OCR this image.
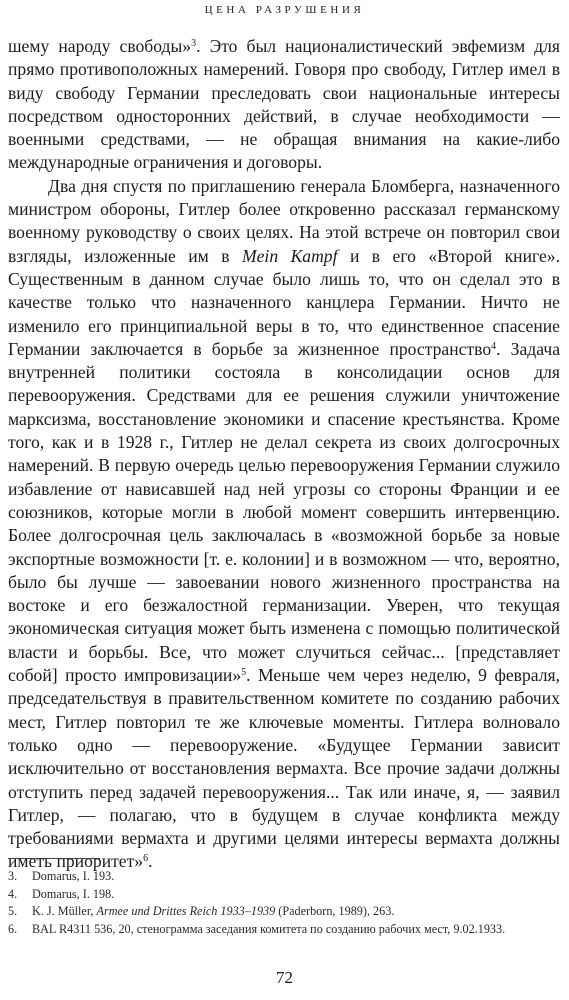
ЦЕНА РАЗРУШЕНИЯ

шему народу свободы»$^3$. Это был националистический эвфемизм для прямо противоположных намерений. Говоря про свободу, Гитлер имел в виду свободу Германии преследовать свои национальные интересы посредством односторонних действий, в случае необходимости — военными средствами, — не обращая внимания на какие-либо международные ограничения и договоры.

Два дня спустя по приглашению генерала Бломберга, назначенного министром обороны, Гитлер более откровенно рассказал германскому военному руководству о своих целях. На этой встрече он повторил свои взгляды, изложенные им в Mein Kampf и в его «Второй книге». Существенным в данном случае было лишь то, что он сделал это в качестве только что назначенного канцлера Германии. Ничто не изменило его принципиальной веры в то, что единственное спасение Германии заключается в борьбе за жизненное пространство$^4$. Задача внутренней политики состояла в консолидации основ для перевооружения. Средствами для ее решения служили уничтожение марксизма, восстановление экономики и спасение крестьянства. Кроме того, как и в 1928 г., Гитлер не делал секрета из своих долгосрочных намерений. В первую очередь целью перевооружения Германии служило избавление от нависавшей над ней угрозы со стороны Франции и ее союзников, которые могли в любой момент совершить интервенцию. Более долгосрочная цель заключалась в «возможной борьбе за новые экспортные возможности [т. е. колонии] и в возможном — что, вероятно, было бы лучше — завоевании нового жизненного пространства на востоке и его безжалостной германизации. Уверен, что текущая экономическая ситуация может быть изменена с помощью политической власти и борьбы. Все, что может случиться сейчас... [представляет собой] просто импровизации»$^5$. Меньше чем через неделю, 9 февраля, председательствуя в правительственном комитете по созданию рабочих мест, Гитлер повторил те же ключевые моменты. Гитлера волновало только одно — перевооружение. «Будущее Германии зависит исключительно от восстановления вермахта. Все прочие задачи должны отступить перед задачей перевооружения... Так или иначе, я, — заявил Гитлер, — полагаю, что в будущем в случае конфликта между требованиями вермахта и другими целями интересы вермахта должны иметь приоритет»$^6$.

3. Domarus, I. 193.

4. Domarus, I. 198.

5. K. J. Müller, Armee und Drittes Reich 1933–1939 (Paderborn, 1989), 263.

6. BAL R4311 536, 20, стенограмма заседания комитета по созданию рабочих мест, 9.02.1933.

72
